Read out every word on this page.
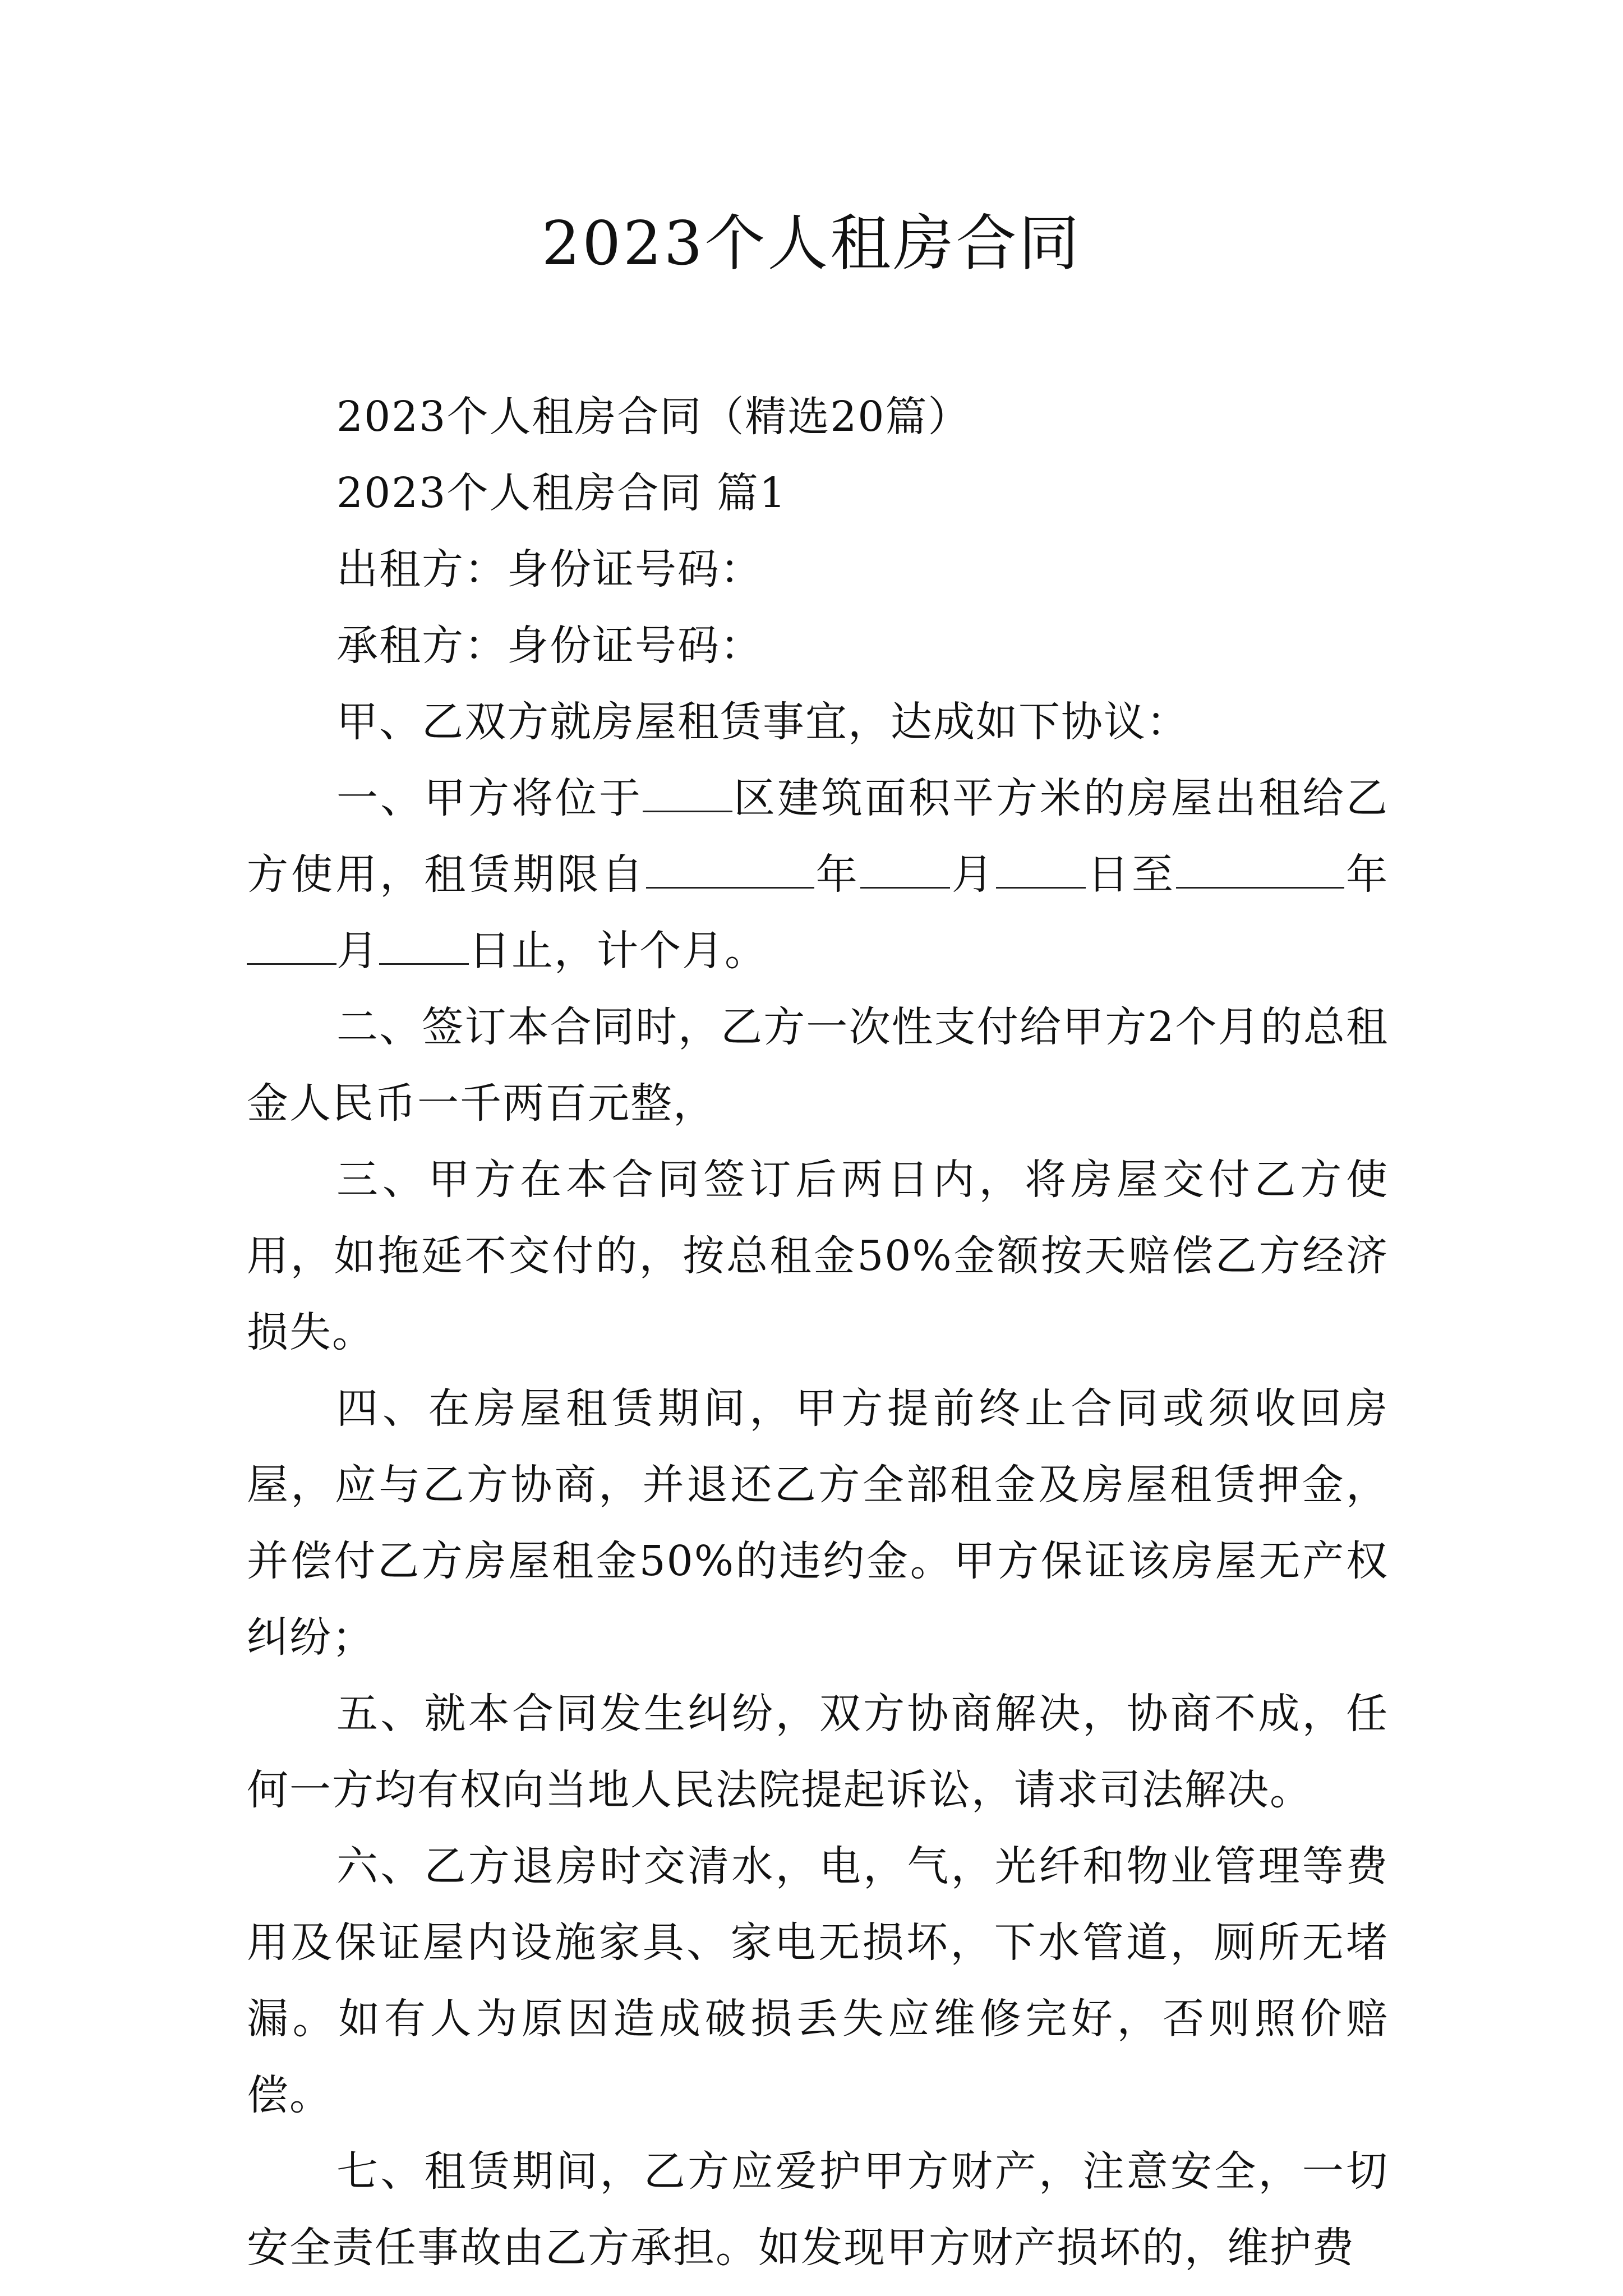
2023个人租房合同

2023个人租房合同（精选20篇）

2023个人租房合同 篇1

出租方：身份证号码：

承租方：身份证号码：

甲、乙双方就房屋租赁事宜，达成如下协议：

一、甲方将位于 区建筑面积平方米的房屋出租给乙方使用，租赁期限自	年 月 日至	年月 日止，计个月。

二、签订本合同时，乙方一次性支付给甲方2个月的总租金人民币一千两百元整，

三、甲方在本合同签订后两日内，将房屋交付乙方使用，如拖延不交付的，按总租金50%金额按天赔偿乙方经济损失。

四、在房屋租赁期间，甲方提前终止合同或须收回房屋，应与乙方协商，并退还乙方全部租金及房屋租赁押金，并偿付乙方房屋租金50%的违约金。甲方保证该房屋无产权纠纷；

五、就本合同发生纠纷，双方协商解决，协商不成，任何一方均有权向当地人民法院提起诉讼，请求司法解决。

六、乙方退房时交清水，电，气，光纤和物业管理等费用及保证屋内设施家具、家电无损坏，下水管道，厕所无堵漏。如有人为原因造成破损丢失应维修完好，否则照价赔偿。

七、租赁期间，乙方应爱护甲方财产，注意安全，一切安全责任事故由乙方承担。如发现甲方财产损坏的，维护费
